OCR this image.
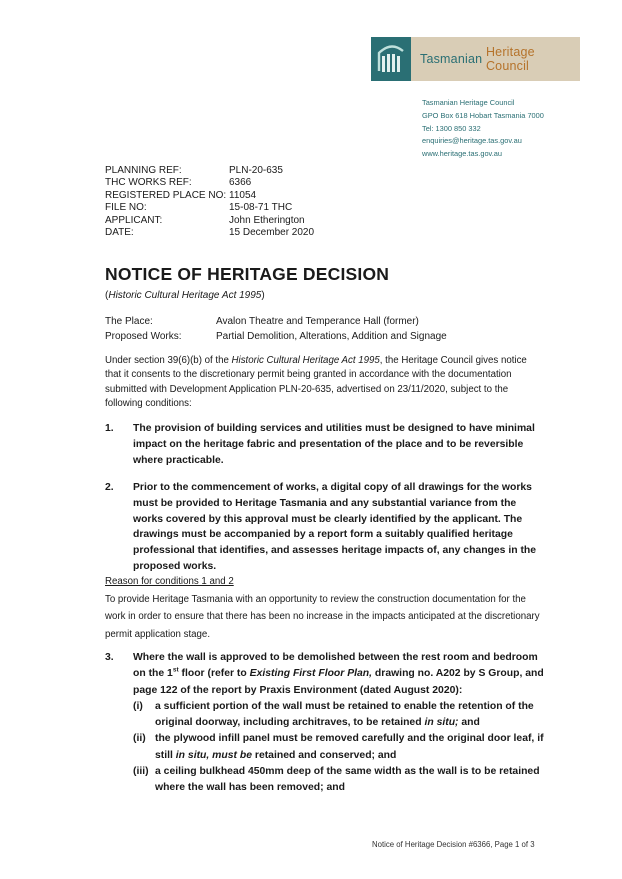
Tasmanian
Heritage Council
Tasmanian Heritage Council
GPO Box 618 Hobart Tasmania 7000
Tel: 1300 850 332
enquiries@heritage.tas.gov.au
www.heritage.tas.gov.au
PLANNING REF:	PLN-20-635
THC WORKS REF:	6366
REGISTERED PLACE NO: 11054
FILE NO:	15-08-71 THC
APPLICANT:	John Etherington
DATE:	15 December 2020
NOTICE OF HERITAGE DECISION
(Historic Cultural Heritage Act 1995)
The Place:	Avalon Theatre and Temperance Hall (former)
Proposed Works:	Partial Demolition, Alterations, Addition and Signage

Under section 39(6)(b) of the Historic Cultural Heritage Act 1995, the Heritage Council gives notice that it consents to the discretionary permit being granted in accordance with the documentation submitted with Development Application PLN-20-635, advertised on 23/11/2020, subject to the following conditions:

1. The provision of building services and utilities must be designed to have minimal impact on the heritage fabric and presentation of the place and to be reversible where practicable.
2. Prior to the commencement of works, a digital copy of all drawings for the works must be provided to Heritage Tasmania and any substantial variance from the works covered by this approval must be clearly identified by the applicant. The drawings must be accompanied by a report form a suitably qualified heritage professional that identifies, and assesses heritage impacts of, any changes in the proposed works.
Reason for conditions 1 and 2
To provide Heritage Tasmania with an opportunity to review the construction documentation for the work in order to ensure that there has been no increase in the impacts anticipated at the discretionary permit application stage.
3. Where the wall is approved to be demolished between the rest room and bedroom on the 1st floor (refer to Existing First Floor Plan, drawing no. A202 by S Group, and page 122 of the report by Praxis Environment (dated August 2020):
(i)	a sufficient portion of the wall must be retained to enable the retention of the original doorway, including architraves, to be retained in situ; and
(ii) the plywood infill panel must be removed carefully and the original door leaf, if still in situ, must be retained and conserved; and
(iii) a ceiling bulkhead 450mm deep of the same width as the wall is to be retained where the wall has been removed; and
Notice of Heritage Decision #6366, Page 1 of 3
